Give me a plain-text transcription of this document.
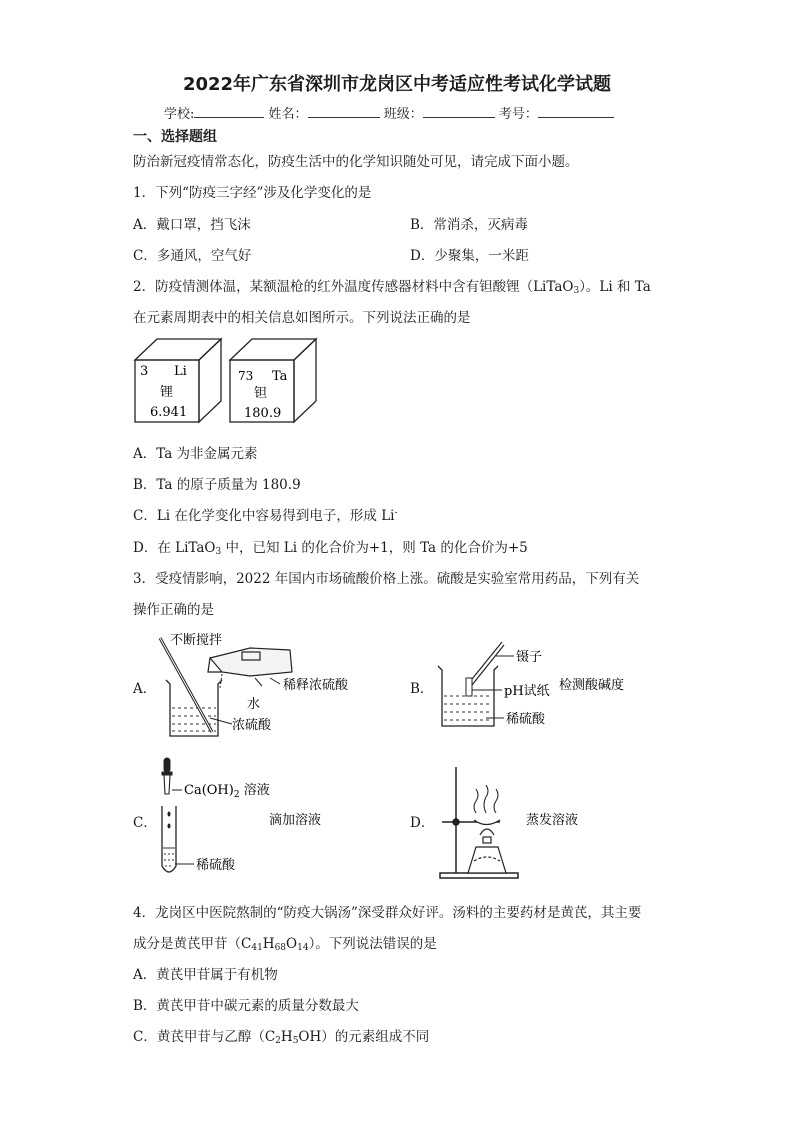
2022年广东省深圳市龙岗区中考适应性考试化学试题
学校:	姓名：	班级：	考号：
一、选择题组
防治新冠疫情常态化，防疫生活中的化学知识随处可见，请完成下面小题。
1．下列“防疫三字经”涉及化学变化的是
A．戴口罩，挡飞沫	B．常消杀，灭病毒
C．多通风，空气好	D．少聚集，一米距
2．防疫情测体温，某额温枪的红外温度传感器材料中含有钽酸锂（LiTaO$_3$）。Li 和 Ta
在元素周期表中的相关信息如图所示。下列说法正确的是
3 Li
锂
6.941
73 Ta
钽
180.9
A．Ta 为非金属元素
B．Ta 的原子质量为 180.9
C．Li 在化学变化中容易得到电子，形成 Li-
D．在 LiTaO$_3$ 中，已知 Li 的化合价为+1，则 Ta 的化合价为+5
3．受疫情影响，2022 年国内市场硫酸价格上涨。硫酸是实验室常用药品，下列有关
操作正确的是
A．
不断搅拌
水
浓硫酸
稀释浓硫酸	B．
镊子
pH试纸
稀硫酸
检测酸碱度
C．
$Ca(OH)_2$ 溶液
稀硫酸
滴加溶液	D．	蒸发溶液
4．龙岗区中医院熬制的“防疫大锅汤”深受群众好评。汤料的主要药材是黄芪，其主要
成分是黄芪甲苷$(C_{41}H_{68}O_{14})$。下列说法错误的是
A．黄芪甲苷属于有机物
B．黄芪甲苷中碳元素的质量分数最大
C．黄芪甲苷与乙醇$(C_2H_5OH)$的元素组成不同
